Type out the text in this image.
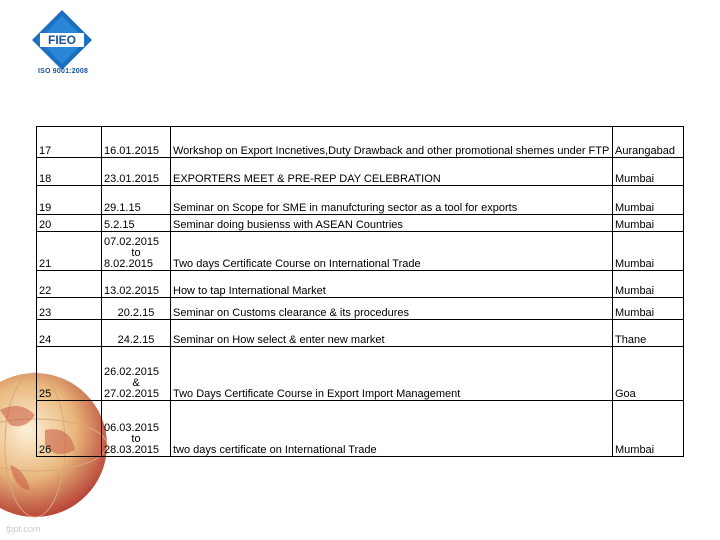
FIEO
ISO 9001:2008
17	16.01.2015	Workshop on Export Incnetives,Duty Drawback and other promotional shemes under FTP	Aurangabad
18	23.01.2015	EXPORTERS MEET & PRE-REP DAY CELEBRATION	Mumbai
19	29.1.15	Seminar on Scope for SME in manufcturing sector as a tool for exports	Mumbai
20	5.2.15	Seminar doing busienss with ASEAN Countries	Mumbai
21	07.02.2015
to
8.02.2015	Two days Certificate Course on International Trade	Mumbai
22	13.02.2015	How to tap International Market	Mumbai
23	20.2.15	Seminar on Customs clearance & its procedures	Mumbai
24	24.2.15	Seminar on How select & enter new market	Thane
25	26.02.2015
&
27.02.2015	Two Days Certificate Course in Export Import Management	Goa
26	06.03.2015
to
28.03.2015	two days certificate on International Trade	Mumbai
fppt.com
